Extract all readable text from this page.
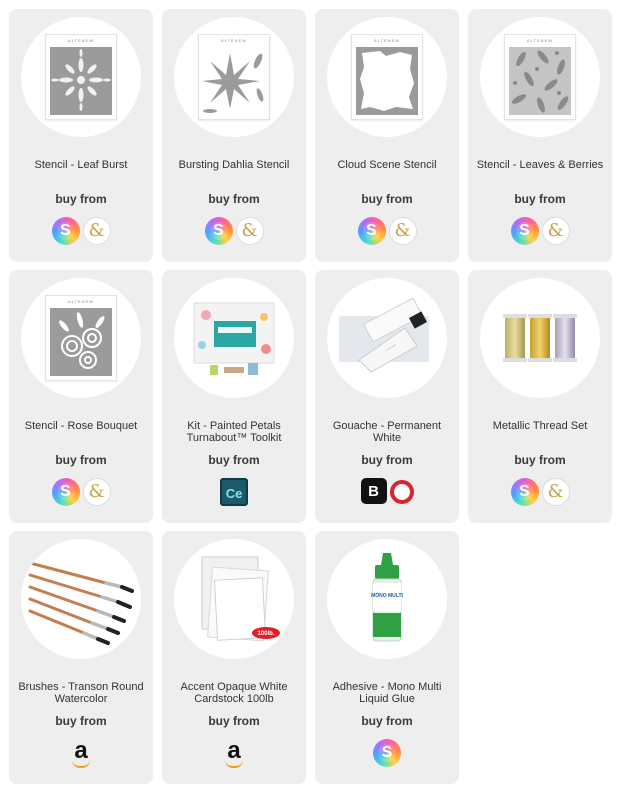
ALTENEW
Stencil - Leaf Burst
buy from
S &
ALTENEW
Bursting Dahlia Stencil
buy from
S &
ALTENEW
Cloud Scene Stencil
buy from
S &
ALTENEW
Stencil - Leaves & Berries
buy from
S &
ALTENEW
Stencil - Rose Bouquet
buy from
S &
Kit - Painted Petals Turnabout™ Toolkit
buy from
Ce
~~~~
Gouache - Permanent White
buy from
B
Metallic Thread Set
buy from
S &
Brushes - Transon Round Watercolor
buy from
a
100lb.
Accent Opaque White Cardstock 100lb
buy from
a
MONO MULTI
Adhesive - Mono Multi Liquid Glue
buy from
S
